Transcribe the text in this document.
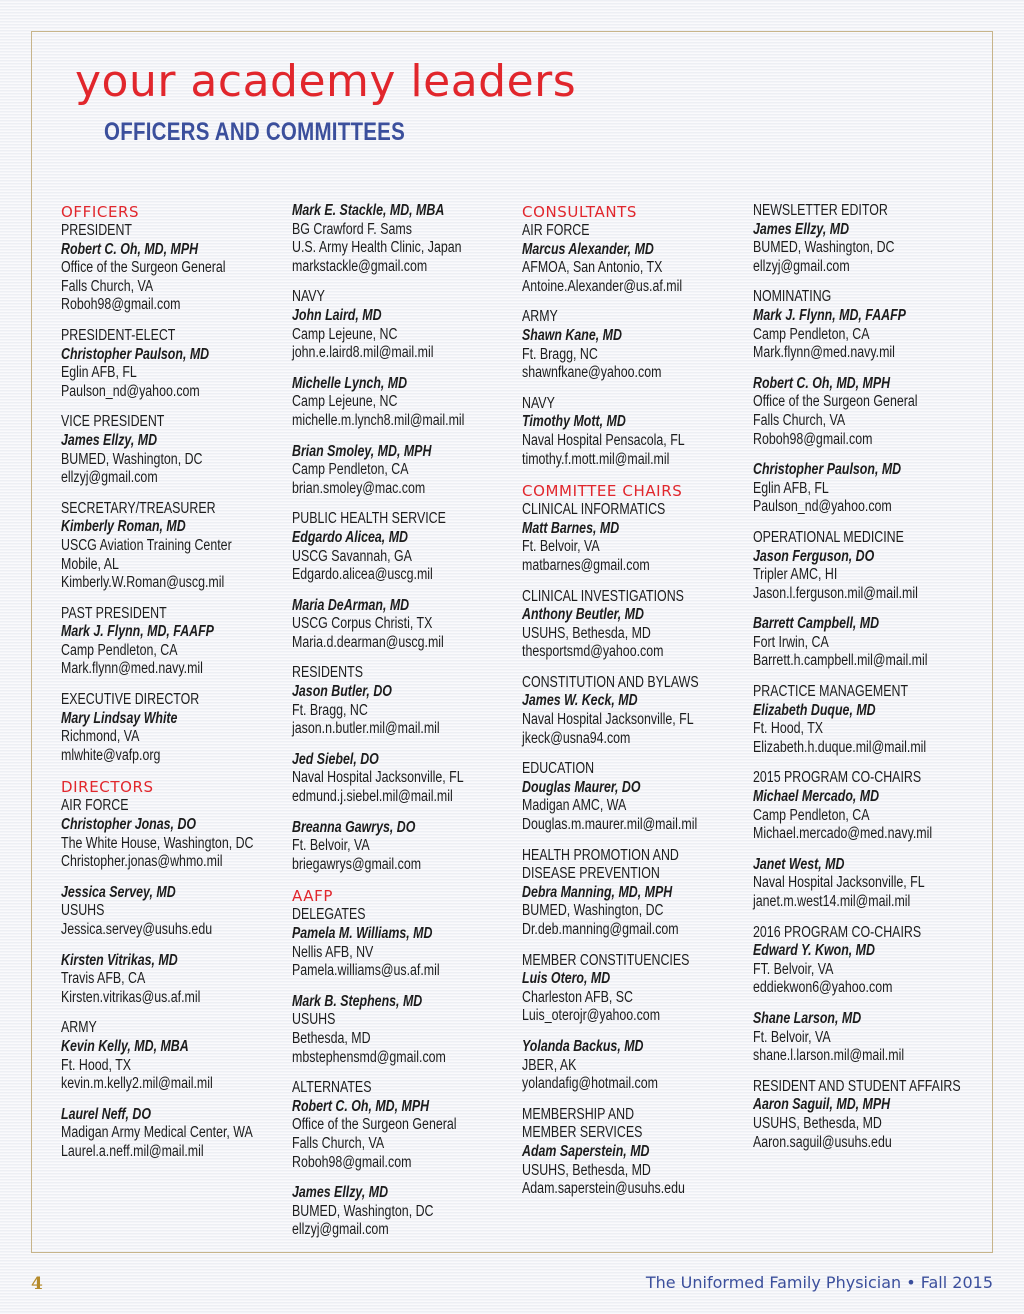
your academy leaders
OFFICERS AND COMMITTEES
OFFICERS
PRESIDENT
Robert C. Oh, MD, MPH
Office of the Surgeon General
Falls Church, VA
Roboh98@gmail.com
PRESIDENT-ELECT
Christopher Paulson, MD
Eglin AFB, FL
Paulson_nd@yahoo.com
VICE PRESIDENT
James Ellzy, MD
BUMED, Washington, DC
ellzyj@gmail.com
SECRETARY/TREASURER
Kimberly Roman, MD
USCG Aviation Training Center
Mobile, AL
Kimberly.W.Roman@uscg.mil
PAST PRESIDENT
Mark J. Flynn, MD, FAAFP
Camp Pendleton, CA
Mark.flynn@med.navy.mil
EXECUTIVE DIRECTOR
Mary Lindsay White
Richmond, VA
mlwhite@vafp.org
DIRECTORS
AIR FORCE
Christopher Jonas, DO
The White House, Washington, DC
Christopher.jonas@whmo.mil
Jessica Servey, MD
USUHS
Jessica.servey@usuhs.edu
Kirsten Vitrikas, MD
Travis AFB, CA
Kirsten.vitrikas@us.af.mil
ARMY
Kevin Kelly, MD, MBA
Ft. Hood, TX
kevin.m.kelly2.mil@mail.mil
Laurel Neff, DO
Madigan Army Medical Center, WA
Laurel.a.neff.mil@mail.mil
Mark E. Stackle, MD, MBA
BG Crawford F. Sams
U.S. Army Health Clinic, Japan
markstackle@gmail.com
NAVY
John Laird, MD
Camp Lejeune, NC
john.e.laird8.mil@mail.mil
Michelle Lynch, MD
Camp Lejeune, NC
michelle.m.lynch8.mil@mail.mil
Brian Smoley, MD, MPH
Camp Pendleton, CA
brian.smoley@mac.com
PUBLIC HEALTH SERVICE
Edgardo Alicea, MD
USCG Savannah, GA
Edgardo.alicea@uscg.mil
Maria DeArman, MD
USCG Corpus Christi, TX
Maria.d.dearman@uscg.mil
RESIDENTS
Jason Butler, DO
Ft. Bragg, NC
jason.n.butler.mil@mail.mil
Jed Siebel, DO
Naval Hospital Jacksonville, FL
edmund.j.siebel.mil@mail.mil
Breanna Gawrys, DO
Ft. Belvoir, VA
briegawrys@gmail.com
AAFP
DELEGATES
Pamela M. Williams, MD
Nellis AFB, NV
Pamela.williams@us.af.mil
Mark B. Stephens, MD
USUHS
Bethesda, MD
mbstephensmd@gmail.com
ALTERNATES
Robert C. Oh, MD, MPH
Office of the Surgeon General
Falls Church, VA
Roboh98@gmail.com
James Ellzy, MD
BUMED, Washington, DC
ellzyj@gmail.com
CONSULTANTS
AIR FORCE
Marcus Alexander, MD
AFMOA, San Antonio, TX
Antoine.Alexander@us.af.mil
ARMY
Shawn Kane, MD
Ft. Bragg, NC
shawnfkane@yahoo.com
NAVY
Timothy Mott, MD
Naval Hospital Pensacola, FL
timothy.f.mott.mil@mail.mil
COMMITTEE CHAIRS
CLINICAL INFORMATICS
Matt Barnes, MD
Ft. Belvoir, VA
matbarnes@gmail.com
CLINICAL INVESTIGATIONS
Anthony Beutler, MD
USUHS, Bethesda, MD
thesportsmd@yahoo.com
CONSTITUTION AND BYLAWS
James W. Keck, MD
Naval Hospital Jacksonville, FL
jkeck@usna94.com
EDUCATION
Douglas Maurer, DO
Madigan AMC, WA
Douglas.m.maurer.mil@mail.mil
HEALTH PROMOTION AND
DISEASE PREVENTION
Debra Manning, MD, MPH
BUMED, Washington, DC
Dr.deb.manning@gmail.com
MEMBER CONSTITUENCIES
Luis Otero, MD
Charleston AFB, SC
Luis_oterojr@yahoo.com
Yolanda Backus, MD
JBER, AK
yolandafig@hotmail.com
MEMBERSHIP AND
MEMBER SERVICES
Adam Saperstein, MD
USUHS, Bethesda, MD
Adam.saperstein@usuhs.edu
NEWSLETTER EDITOR
James Ellzy, MD
BUMED, Washington, DC
ellzyj@gmail.com
NOMINATING
Mark J. Flynn, MD, FAAFP
Camp Pendleton, CA
Mark.flynn@med.navy.mil
Robert C. Oh, MD, MPH
Office of the Surgeon General
Falls Church, VA
Roboh98@gmail.com
Christopher Paulson, MD
Eglin AFB, FL
Paulson_nd@yahoo.com
OPERATIONAL MEDICINE
Jason Ferguson, DO
Tripler AMC, HI
Jason.l.ferguson.mil@mail.mil
Barrett Campbell, MD
Fort Irwin, CA
Barrett.h.campbell.mil@mail.mil
PRACTICE MANAGEMENT
Elizabeth Duque, MD
Ft. Hood, TX
Elizabeth.h.duque.mil@mail.mil
2015 PROGRAM CO-CHAIRS
Michael Mercado, MD
Camp Pendleton, CA
Michael.mercado@med.navy.mil
Janet West, MD
Naval Hospital Jacksonville, FL
janet.m.west14.mil@mail.mil
2016 PROGRAM CO-CHAIRS
Edward Y. Kwon, MD
FT. Belvoir, VA
eddiekwon6@yahoo.com
Shane Larson, MD
Ft. Belvoir, VA
shane.l.larson.mil@mail.mil
RESIDENT AND STUDENT AFFAIRS
Aaron Saguil, MD, MPH
USUHS, Bethesda, MD
Aaron.saguil@usuhs.edu
4	The Uniformed Family Physician • Fall 2015
